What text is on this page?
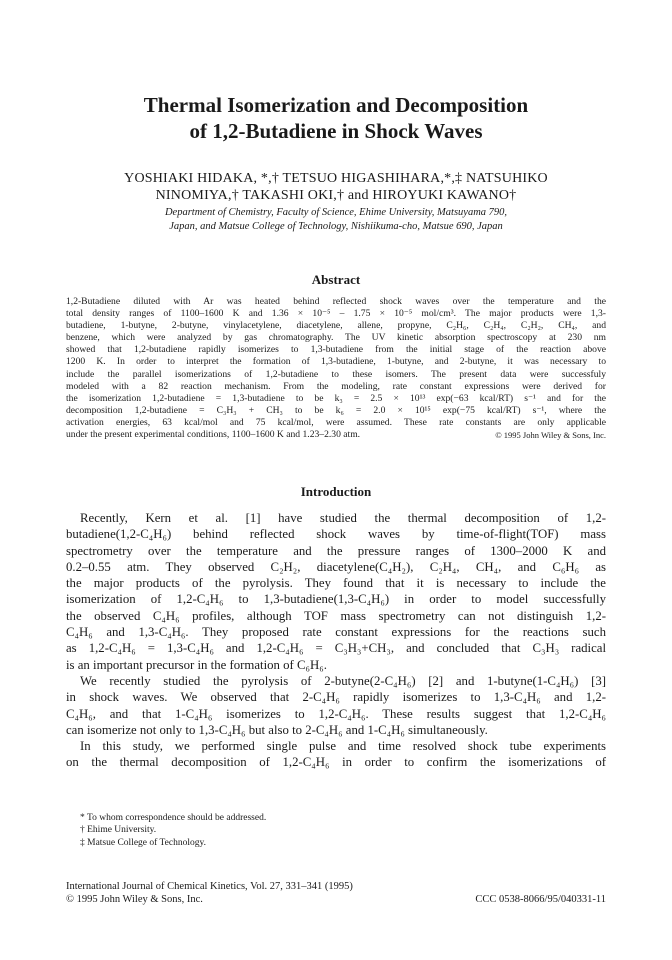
Thermal Isomerization and Decomposition
of 1,2-Butadiene in Shock Waves
YOSHIAKI HIDAKA, *,† TETSUO HIGASHIHARA,*,‡ NATSUHIKO
NINOMIYA,† TAKASHI OKI,† and HIROYUKI KAWANO†
Department of Chemistry, Faculty of Science, Ehime University, Matsuyama 790,
Japan, and Matsue College of Technology, Nishiikuma-cho, Matsue 690, Japan
Abstract
1,2-Butadiene diluted with Ar was heated behind reflected shock waves over the temperature and the
total density ranges of 1100–1600 K and 1.36 × 10⁻⁵ – 1.75 × 10⁻⁵ mol/cm³. The major products were 1,3-
butadiene, 1-butyne, 2-butyne, vinylacetylene, diacetylene, allene, propyne, C₂H₆, C₂H₄, C₂H₂, CH₄, and
benzene, which were analyzed by gas chromatography. The UV kinetic absorption spectroscopy at 230 nm
showed that 1,2-butadiene rapidly isomerizes to 1,3-butadiene from the initial stage of the reaction above
1200 K. In order to interpret the formation of 1,3-butadiene, 1-butyne, and 2-butyne, it was necessary to
include the parallel isomerizations of 1,2-butadiene to these isomers. The present data were successfuly
modeled with a 82 reaction mechanism. From the modeling, rate constant expressions were derived for
the isomerization 1,2-butadiene = 1,3-butadiene to be k₃ = 2.5 × 10¹³ exp(−63 kcal/RT) s⁻¹ and for the
decomposition 1,2-butadiene = C₃H₃ + CH₃ to be k₆ = 2.0 × 10¹⁵ exp(−75 kcal/RT) s⁻¹, where the
activation energies, 63 kcal/mol and 75 kcal/mol, were assumed. These rate constants are only applicable
under the present experimental conditions, 1100–1600 K and 1.23–2.30 atm.	© 1995 John Wiley & Sons, Inc.
Introduction
Recently, Kern et al. [1] have studied the thermal decomposition of 1,2-
butadiene(1,2-C₄H₆) behind reflected shock waves by time-of-flight(TOF) mass
spectrometry over the temperature and the pressure ranges of 1300–2000 K and
0.2–0.55 atm. They observed C₂H₂, diacetylene(C₄H₂), C₂H₄, CH₄, and C₆H₆ as
the major products of the pyrolysis. They found that it is necessary to include the
isomerization of 1,2-C₄H₆ to 1,3-butadiene(1,3-C₄H₆) in order to model successfully
the observed C₄H₆ profiles, although TOF mass spectrometry can not distinguish 1,2-
C₄H₆ and 1,3-C₄H₆. They proposed rate constant expressions for the reactions such
as 1,2-C₄H₆ = 1,3-C₄H₆ and 1,2-C₄H₆ = C₃H₃+CH₃, and concluded that C₃H₃ radical
is an important precursor in the formation of C₆H₆.
We recently studied the pyrolysis of 2-butyne(2-C₄H₆) [2] and 1-butyne(1-C₄H₆) [3]
in shock waves. We observed that 2-C₄H₆ rapidly isomerizes to 1,3-C₄H₆ and 1,2-
C₄H₆, and that 1-C₄H₆ isomerizes to 1,2-C₄H₆. These results suggest that 1,2-C₄H₆
can isomerize not only to 1,3-C₄H₆ but also to 2-C₄H₆ and 1-C₄H₆ simultaneously.
In this study, we performed single pulse and time resolved shock tube experiments
on the thermal decomposition of 1,2-C₄H₆ in order to confirm the isomerizations of
* To whom correspondence should be addressed.
† Ehime University.
‡ Matsue College of Technology.
International Journal of Chemical Kinetics, Vol. 27, 331–341 (1995)
© 1995 John Wiley & Sons, Inc.	CCC 0538-8066/95/040331-11
